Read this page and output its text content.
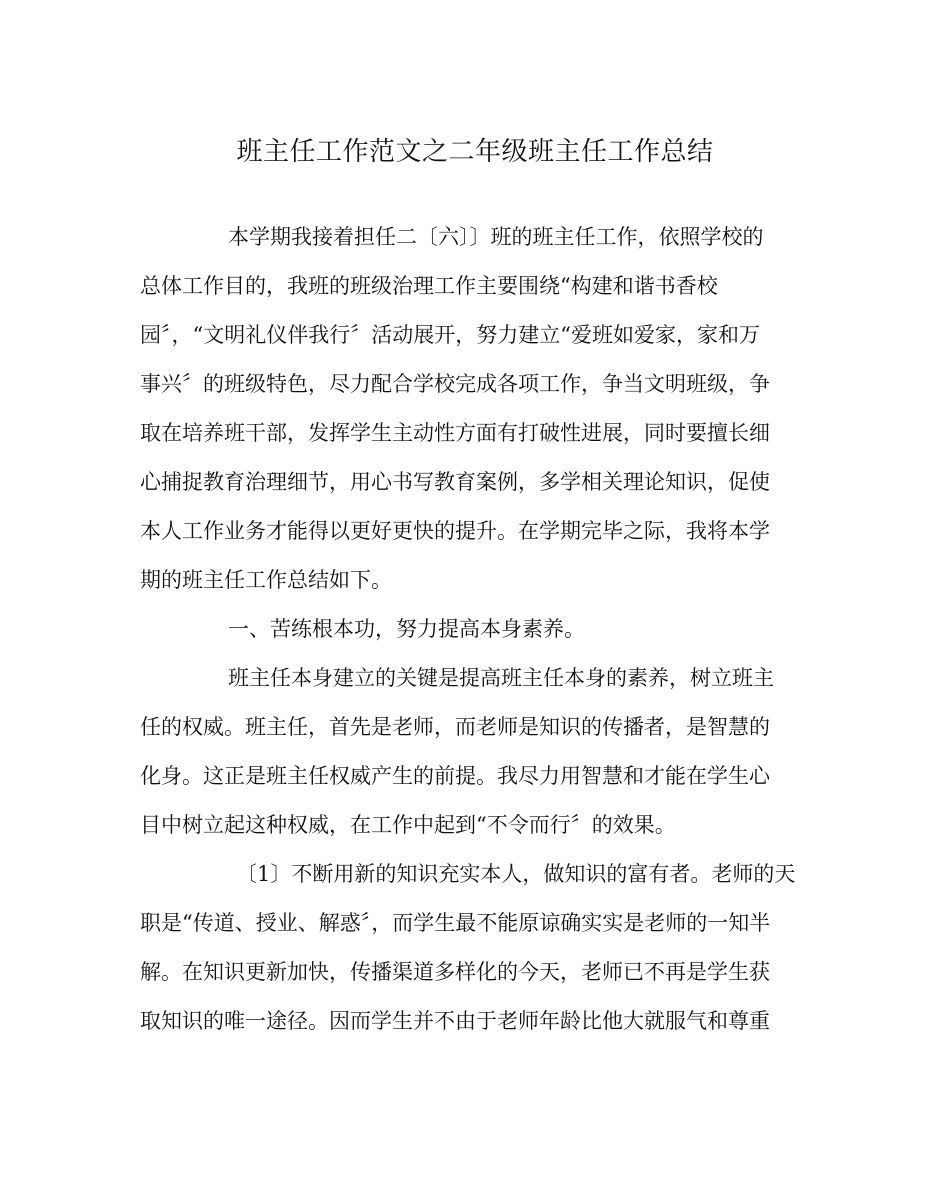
班主任工作范文之二年级班主任工作总结

本学期我接着担任二〔六〕〕班的班主任工作，依照学校的

总体工作目的，我班的班级治理工作主要围绕“构建和谐书香校

园〞，“文明礼仪伴我行〞活动展开，努力建立“爱班如爱家，家和万

事兴〞的班级特色，尽力配合学校完成各项工作，争当文明班级，争

取在培养班干部，发挥学生主动性方面有打破性进展，同时要擅长细

心捕捉教育治理细节，用心书写教育案例，多学相关理论知识，促使

本人工作业务才能得以更好更快的提升。在学期完毕之际，我将本学

期的班主任工作总结如下。

一、苦练根本功，努力提高本身素养。

班主任本身建立的关键是提高班主任本身的素养，树立班主

任的权威。班主任，首先是老师，而老师是知识的传播者，是智慧的

化身。这正是班主任权威产生的前提。我尽力用智慧和才能在学生心

目中树立起这种权威，在工作中起到“不令而行〞的效果。

〔1〕不断用新的知识充实本人，做知识的富有者。老师的天

职是“传道、授业、解惑〞，而学生最不能原谅确实实是老师的一知半

解。在知识更新加快，传播渠道多样化的今天，老师已不再是学生获

取知识的唯一途径。因而学生并不由于老师年龄比他大就服气和尊重
